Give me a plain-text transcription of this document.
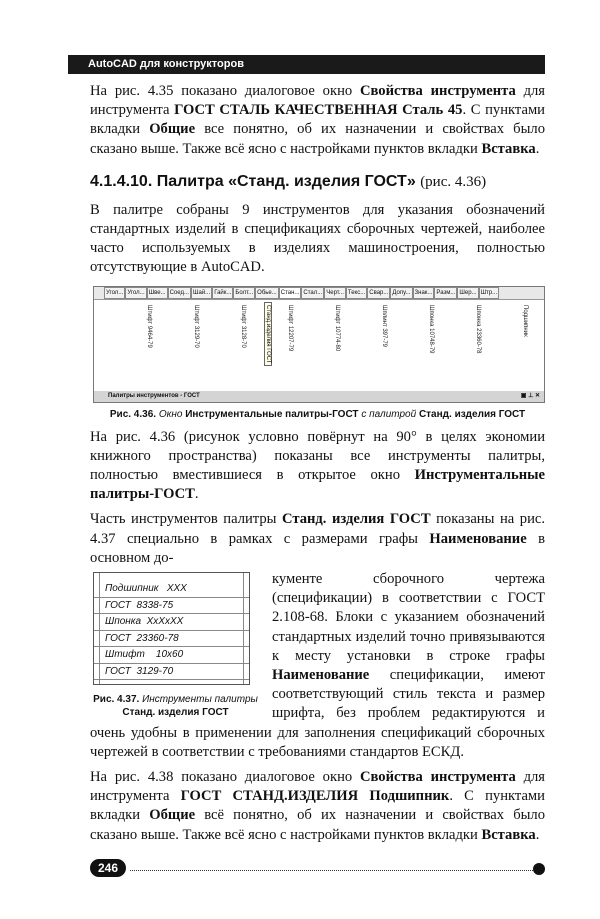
AutoCAD для конструкторов

На рис. 4.35 показано диалоговое окно Свойства инструмента для инструмента ГОСТ СТАЛЬ КАЧЕСТВЕННАЯ Сталь 45. С пунктами вкладки Общие все понятно, об их назначении и свойствах было сказано выше. Также всё ясно с настройками пунктов вкладки Вставка.

4.1.4.10. Палитра «Станд. изделия ГОСТ» (рис. 4.36)

В палитре собраны 9 инструментов для указания обозначений стандартных изделий в спецификациях сборочных чертежей, наиболее часто используемых в изделиях машиностроения, полностью отсутствующие в AutoCAD.

Угол... Угол... Шве... Соед... Шай... Гайк... Болт... Обье... Стан... Стал... Черт... Текс... Свар... Допу... Знак... Разм... Шер... Штр...
Штифт 9464-79	Штифт 3129-70	Штифт 3128-70	Штифт 12207-79	Штифт 10774-80	Шплинт 397-79	Шпонка 10748-79	Шпонка 23360-78	Подшипник
Станд.изделия ГОСТ
Палитры инструментов - ГОСТ	▣ ⊥ ✕
Рис. 4.36. Окно Инструментальные палитры-ГОСТ с палитрой Станд. изделия ГОСТ

На рис. 4.36 (рисунок условно повёрнут на 90° в целях экономии книжного пространства) показаны все инструменты палитры, полностью вместившиеся в открытое окно Инструментальные палитры-ГОСТ.

Часть инструментов палитры Станд. изделия ГОСТ показаны на рис. 4.37 специально в рамках с размерами графы Наименование в основном до-

Подшипник   XXX
ГОСТ  8338-75
Шпонка  XxXxXX
ГОСТ  23360-78
Штифт    10x60
ГОСТ  3129-70
Рис. 4.37. Инструменты палитры Станд. изделия ГОСТ

кументе сборочного чертежа (спецификации) в соответствии с ГОСТ 2.108-68. Блоки с указанием обозначений стандартных изделий точно привязываются к месту установки в строке графы Наименование спецификации, имеют соответствующий стиль текста и размер шрифта, без проблем редактируются и очень удобны в применении для заполнения спецификаций сборочных чертежей в соответствии с требованиями стандартов ЕСКД.

На рис. 4.38 показано диалоговое окно Свойства инструмента для инструмента ГОСТ СТАНД.ИЗДЕЛИЯ Подшипник. С пунктами вкладки Общие всё понятно, об их назначении и свойствах было сказано выше. Также всё ясно с настройками пунктов вкладки Вставка.

246
